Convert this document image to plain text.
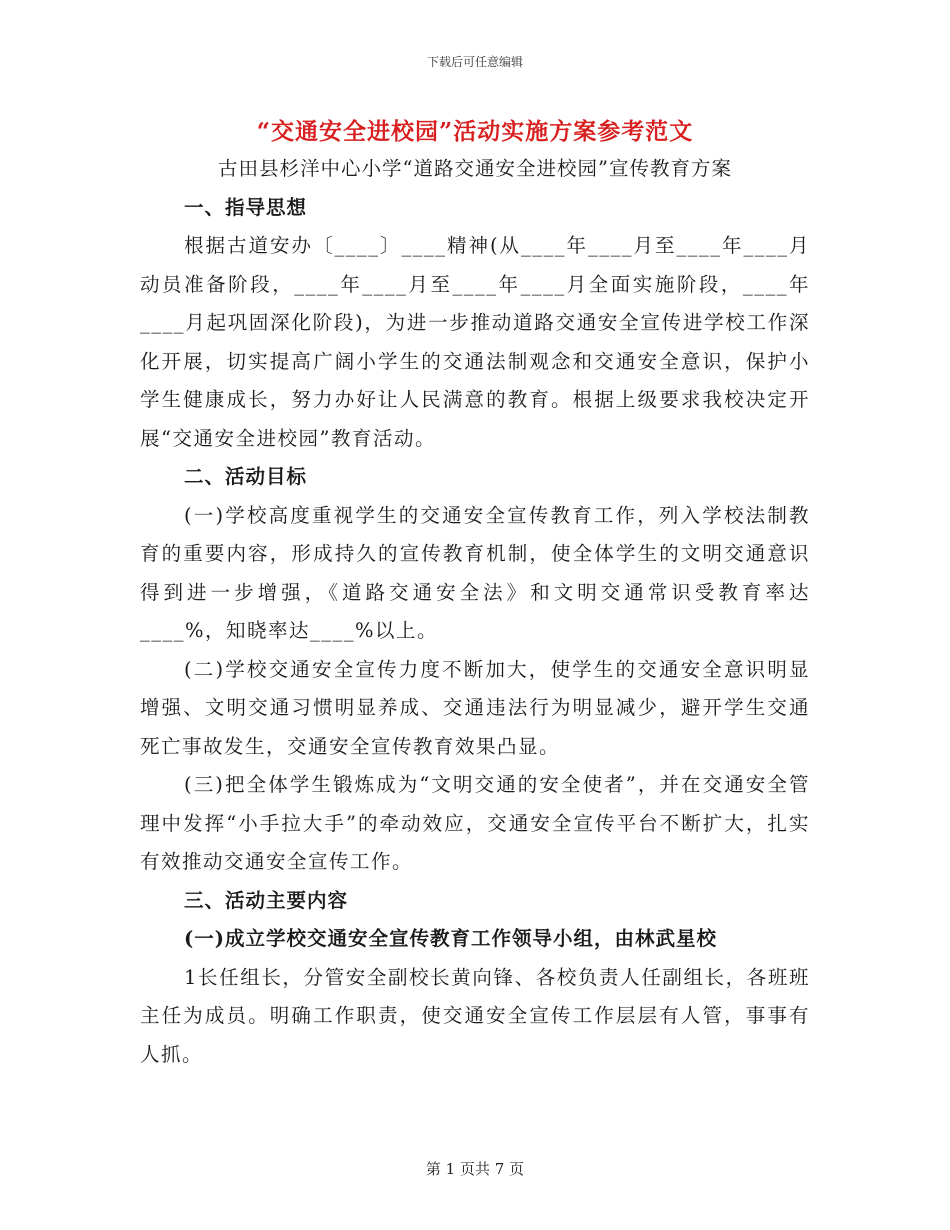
下载后可任意编辑
“交通安全进校园”活动实施方案参考范文

古田县杉洋中心小学“道路交通安全进校园”宣传教育方案

一、指导思想

根据古道安办〔____〕____精神(从____年____月至____年____月动员准备阶段，____年____月至____年____月全面实施阶段，____年____月起巩固深化阶段)，为进一步推动道路交通安全宣传进学校工作深化开展，切实提高广阔小学生的交通法制观念和交通安全意识，保护小学生健康成长，努力办好让人民满意的教育。根据上级要求我校决定开展“交通安全进校园”教育活动。

二、活动目标

(一)学校高度重视学生的交通安全宣传教育工作，列入学校法制教育的重要内容，形成持久的宣传教育机制，使全体学生的文明交通意识得到进一步增强，《道路交通安全法》和文明交通常识受教育率达____%，知晓率达____%以上。

(二)学校交通安全宣传力度不断加大，使学生的交通安全意识明显增强、文明交通习惯明显养成、交通违法行为明显减少，避开学生交通死亡事故发生，交通安全宣传教育效果凸显。

(三)把全体学生锻炼成为“文明交通的安全使者”，并在交通安全管理中发挥“小手拉大手”的牵动效应，交通安全宣传平台不断扩大，扎实有效推动交通安全宣传工作。

三、活动主要内容

(一)成立学校交通安全宣传教育工作领导小组，由林武星校

1长任组长，分管安全副校长黄向锋、各校负责人任副组长，各班班主任为成员。明确工作职责，使交通安全宣传工作层层有人管，事事有人抓。

第 1 页共 7 页
